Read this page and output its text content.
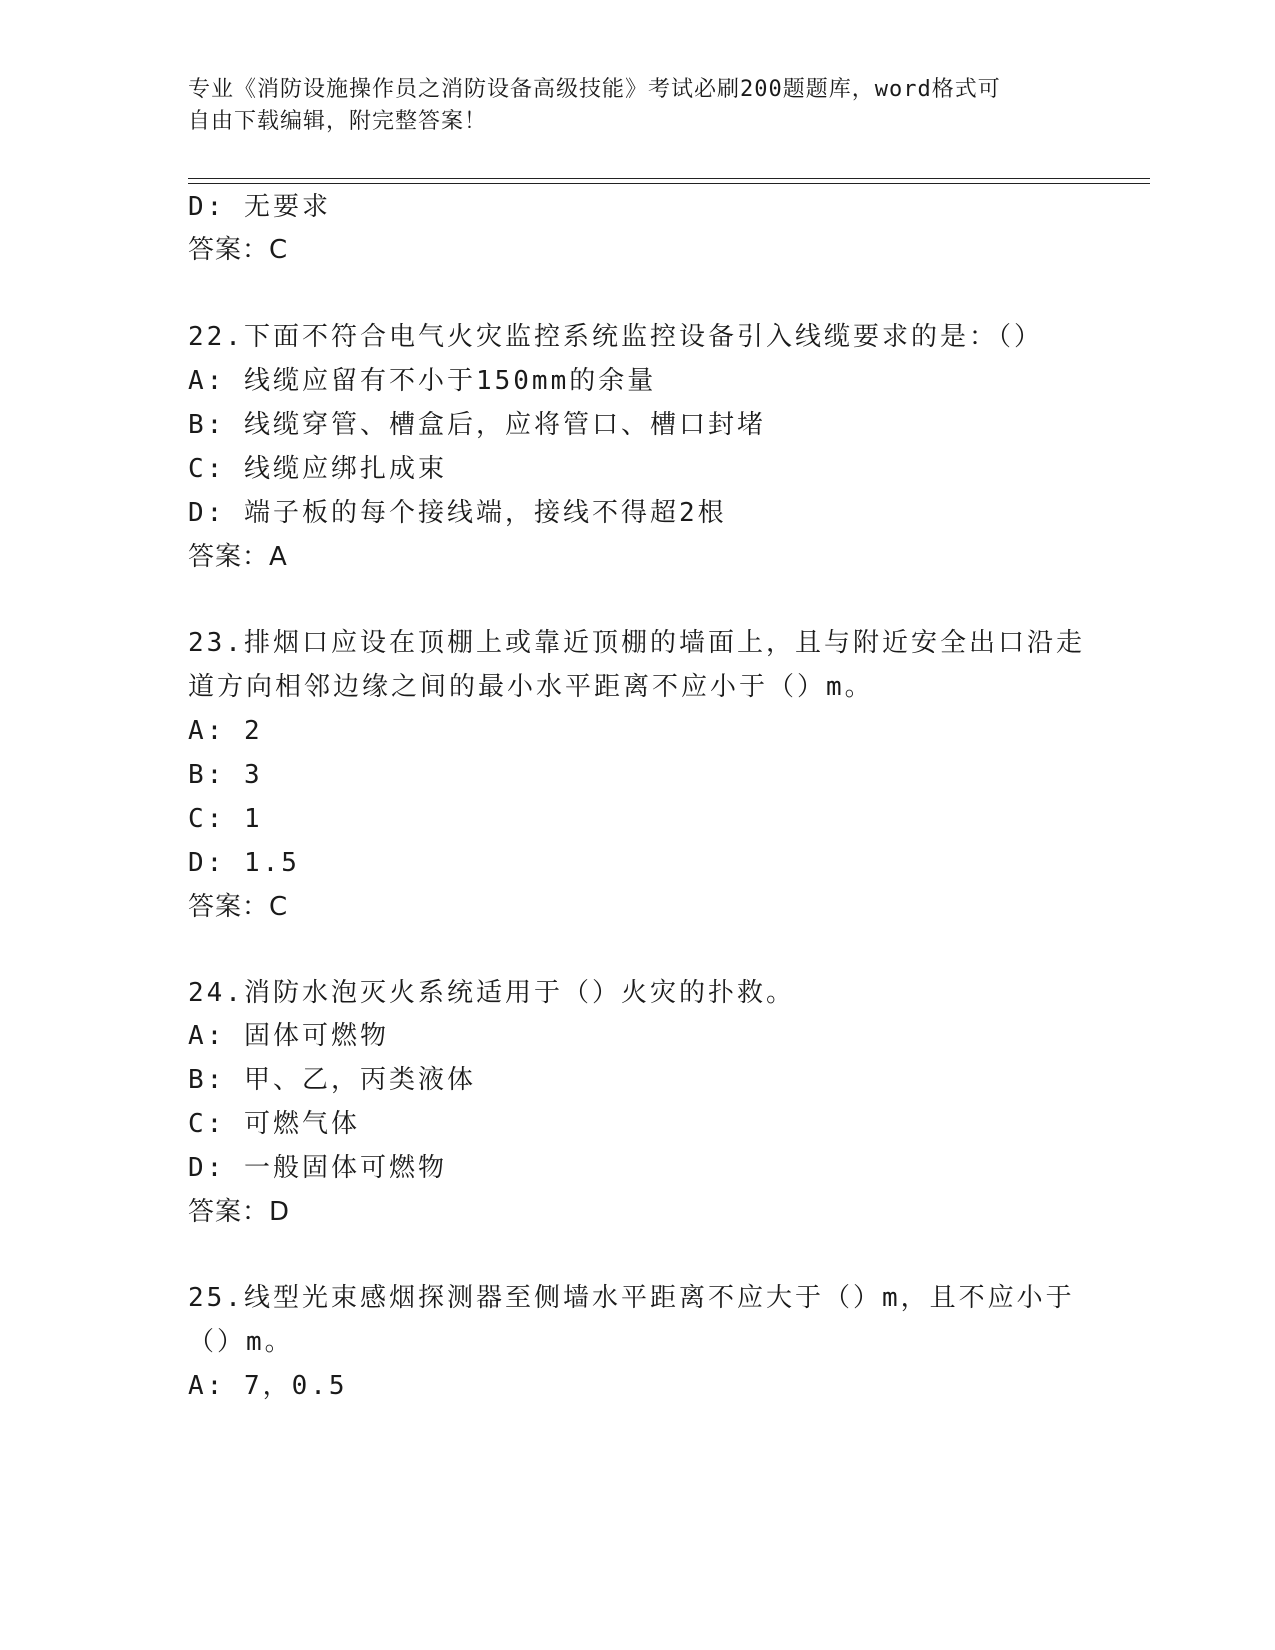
专业《消防设施操作员之消防设备高级技能》考试必刷200题题库，word格式可
自由下载编辑，附完整答案！
D: 无要求
答案：C
22.下面不符合电气火灾监控系统监控设备引入线缆要求的是：（）
A: 线缆应留有不小于150mm的余量
B: 线缆穿管、槽盒后，应将管口、槽口封堵
C: 线缆应绑扎成束
D: 端子板的每个接线端，接线不得超2根
答案：A
23.排烟口应设在顶棚上或靠近顶棚的墙面上，且与附近安全出口沿走
道方向相邻边缘之间的最小水平距离不应小于（）m。
A: 2
B: 3
C: 1
D: 1.5
答案：C
24.消防水泡灭火系统适用于（）火灾的扑救。
A: 固体可燃物
B: 甲、乙，丙类液体
C: 可燃气体
D: 一般固体可燃物
答案：D
25.线型光束感烟探测器至侧墙水平距离不应大于（）m，且不应小于
（）m。
A: 7，0.5
